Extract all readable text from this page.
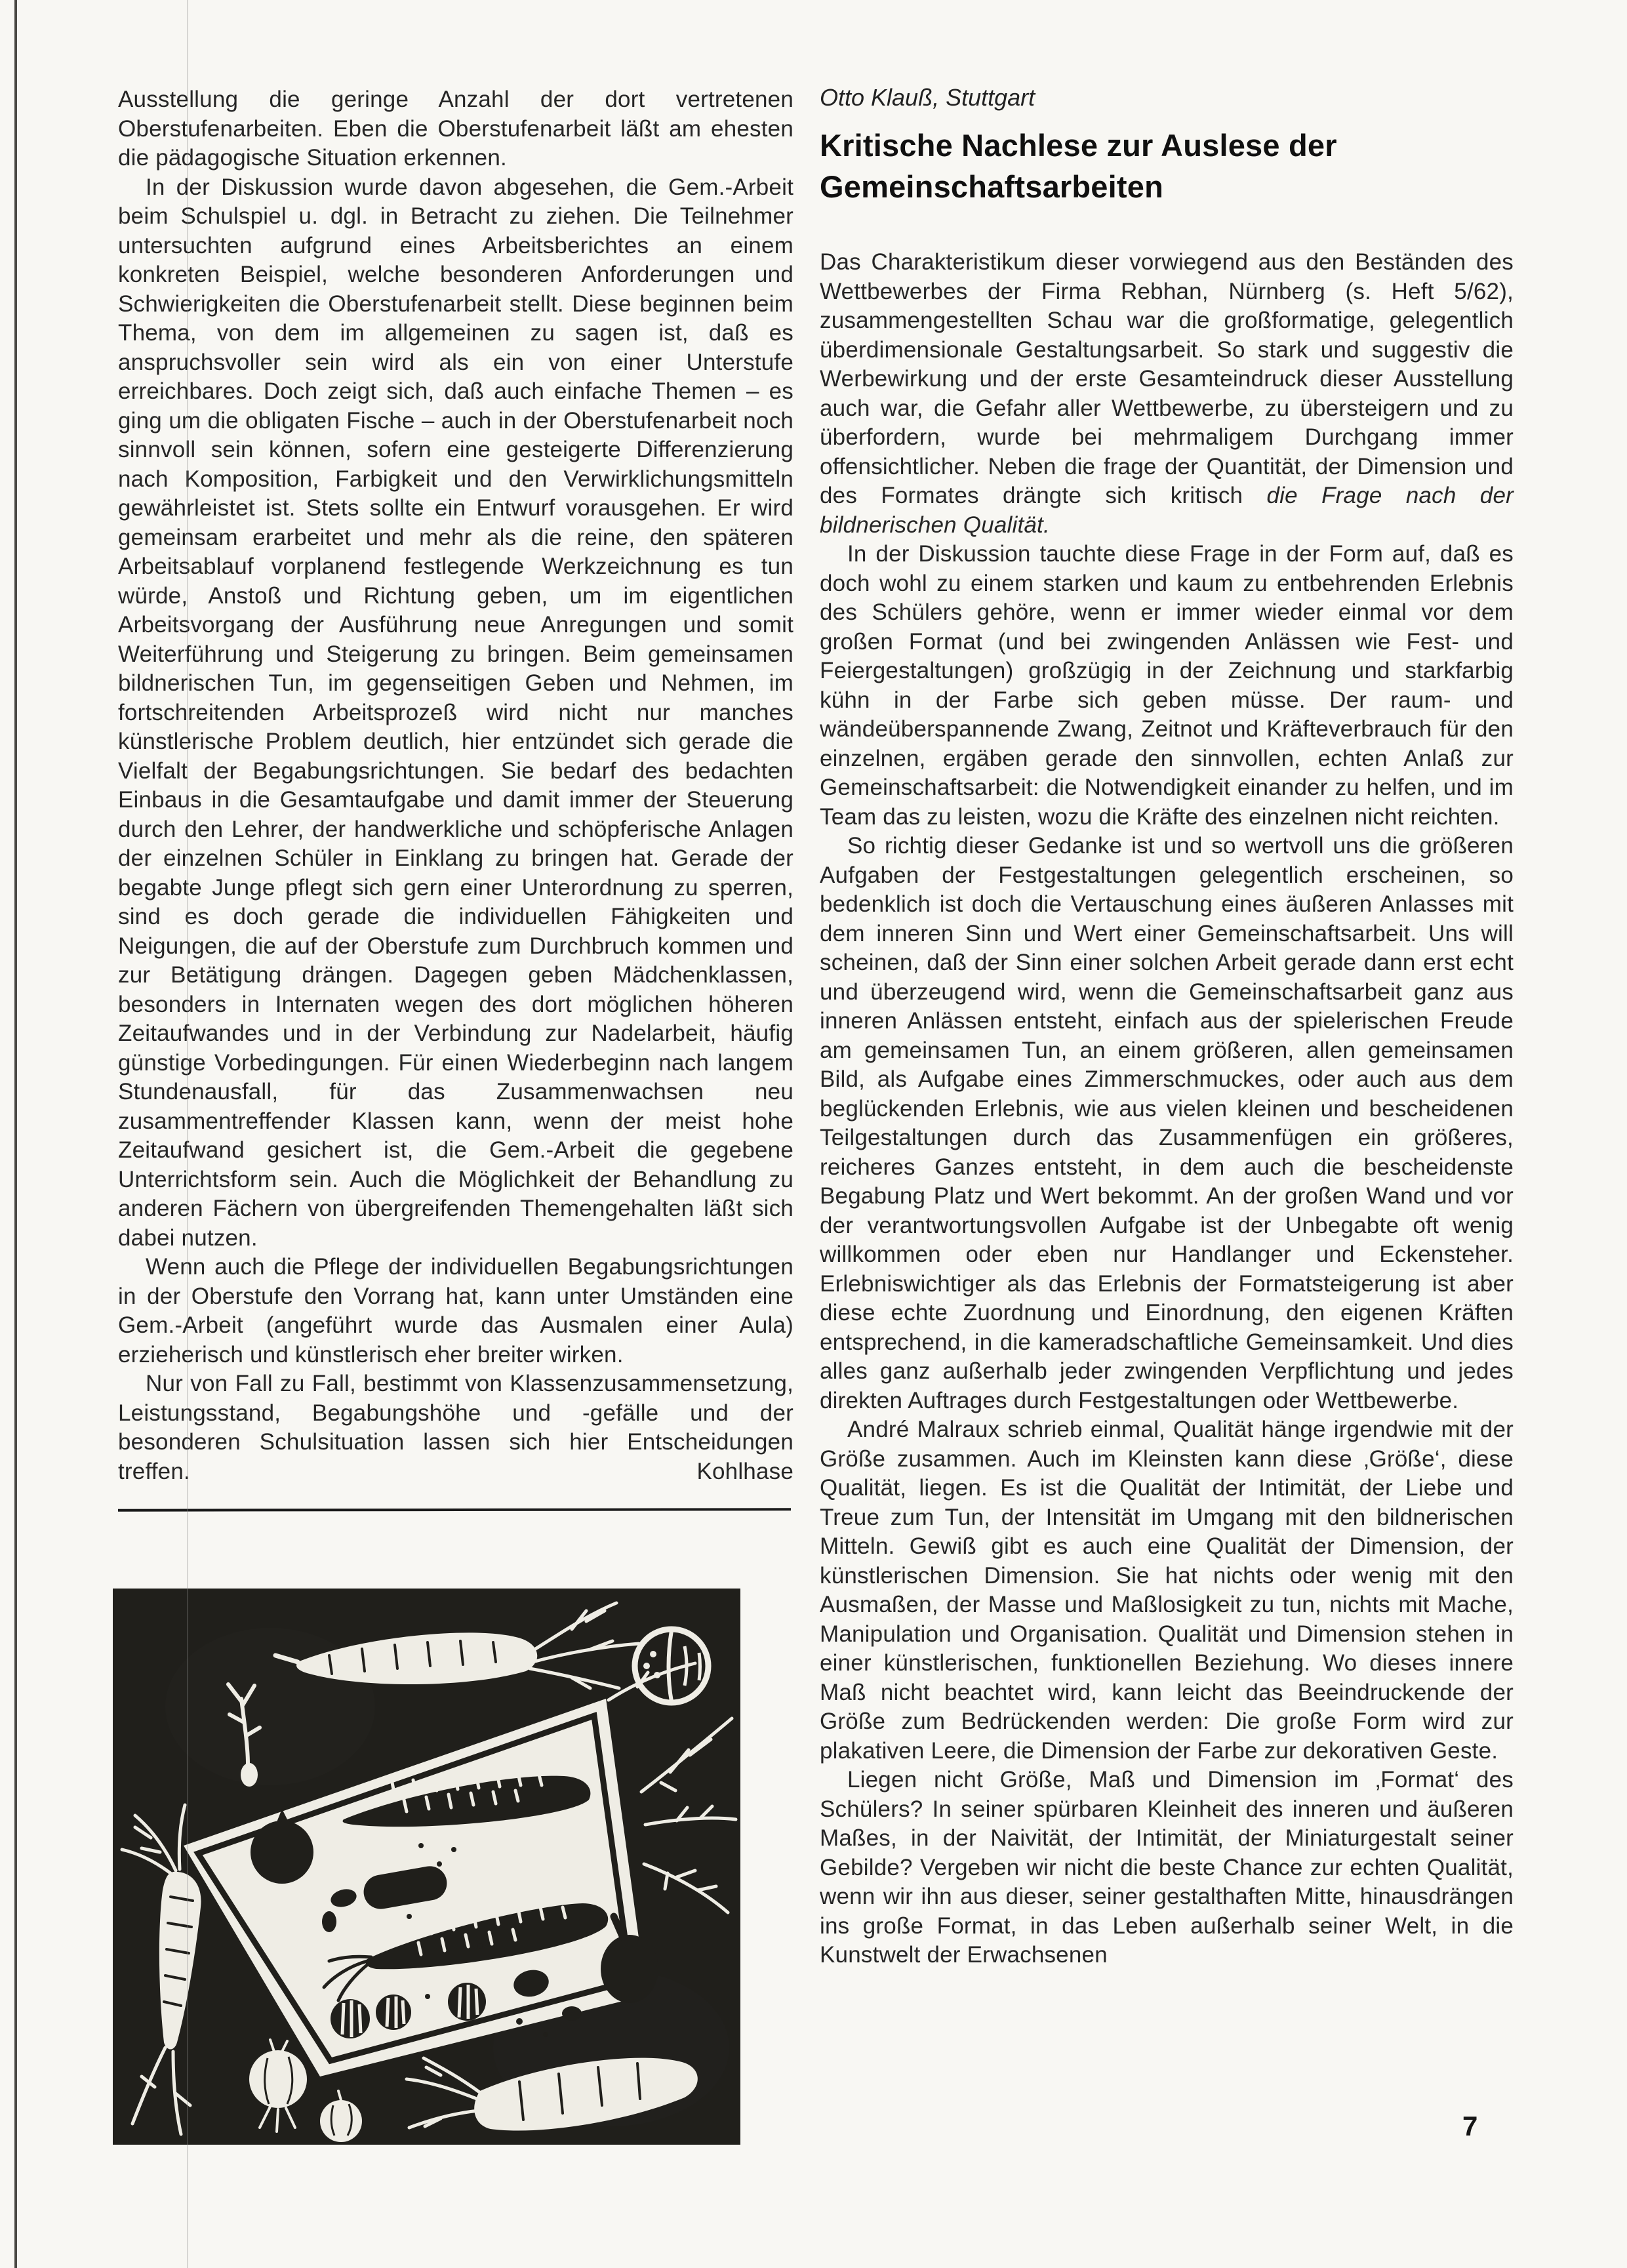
Ausstellung die geringe Anzahl der dort vertretenen Oberstufenarbeiten. Eben die Oberstufenarbeit läßt am ehesten die pädagogische Situation erkennen.

In der Diskussion wurde davon abgesehen, die Gem.-Arbeit beim Schulspiel u. dgl. in Betracht zu ziehen. Die Teilnehmer untersuchten aufgrund eines Arbeitsberichtes an einem konkreten Beispiel, welche besonderen Anforderungen und Schwierigkeiten die Oberstufenarbeit stellt. Diese beginnen beim Thema, von dem im allgemeinen zu sagen ist, daß es anspruchsvoller sein wird als ein von einer Unterstufe erreichbares. Doch zeigt sich, daß auch einfache Themen – es ging um die obligaten Fische – auch in der Oberstufenarbeit noch sinnvoll sein können, sofern eine gesteigerte Differenzierung nach Komposition, Farbigkeit und den Verwirklichungsmitteln gewährleistet ist. Stets sollte ein Entwurf vorausgehen. Er wird gemeinsam erarbeitet und mehr als die reine, den späteren Arbeitsablauf vorplanend festlegende Werkzeichnung es tun würde, Anstoß und Richtung geben, um im eigentlichen Arbeitsvorgang der Ausführung neue Anregungen und somit Weiterführung und Steigerung zu bringen. Beim gemeinsamen bildnerischen Tun, im gegenseitigen Geben und Nehmen, im fortschreitenden Arbeitsprozeß wird nicht nur manches künstlerische Problem deutlich, hier entzündet sich gerade die Vielfalt der Begabungsrichtungen. Sie bedarf des bedachten Einbaus in die Gesamtaufgabe und damit immer der Steuerung durch den Lehrer, der handwerkliche und schöpferische Anlagen der einzelnen Schüler in Einklang zu bringen hat. Gerade der begabte Junge pflegt sich gern einer Unterordnung zu sperren, sind es doch gerade die individuellen Fähigkeiten und Neigungen, die auf der Oberstufe zum Durchbruch kommen und zur Betätigung drängen. Dagegen geben Mädchenklassen, besonders in Internaten wegen des dort möglichen höheren Zeitaufwandes und in der Verbindung zur Nadelarbeit, häufig günstige Vorbedingungen. Für einen Wiederbeginn nach langem Stundenausfall, für das Zusammenwachsen neu zusammentreffender Klassen kann, wenn der meist hohe Zeitaufwand gesichert ist, die Gem.-Arbeit die gegebene Unterrichtsform sein. Auch die Möglichkeit der Behandlung zu anderen Fächern von übergreifenden Themengehalten läßt sich dabei nutzen.

Wenn auch die Pflege der individuellen Begabungsrichtungen in der Oberstufe den Vorrang hat, kann unter Umständen eine Gem.-Arbeit (angeführt wurde das Ausmalen einer Aula) erzieherisch und künstlerisch eher breiter wirken.

Nur von Fall zu Fall, bestimmt von Klassenzusammensetzung, Leistungsstand, Begabungshöhe und -gefälle und der besonderen Schulsituation lassen sich hier Entscheidungen treffen.	Kohlhase

Otto Klauß, Stuttgart
Kritische Nachlese zur Auslese der Gemeinschaftsarbeiten

Das Charakteristikum dieser vorwiegend aus den Beständen des Wettbewerbes der Firma Rebhan, Nürnberg (s. Heft 5/62), zusammengestellten Schau war die großformatige, gelegentlich überdimensionale Gestaltungsarbeit. So stark und suggestiv die Werbewirkung und der erste Gesamteindruck dieser Ausstellung auch war, die Gefahr aller Wettbewerbe, zu übersteigern und zu überfordern, wurde bei mehrmaligem Durchgang immer offensichtlicher. Neben die frage der Quantität, der Dimension und des Formates drängte sich kritisch die Frage nach der bildnerischen Qualität.

In der Diskussion tauchte diese Frage in der Form auf, daß es doch wohl zu einem starken und kaum zu entbehrenden Erlebnis des Schülers gehöre, wenn er immer wieder einmal vor dem großen Format (und bei zwingenden Anlässen wie Fest- und Feiergestaltungen) großzügig in der Zeichnung und starkfarbig kühn in der Farbe sich geben müsse. Der raum- und wändeüberspannende Zwang, Zeitnot und Kräfteverbrauch für den einzelnen, ergäben gerade den sinnvollen, echten Anlaß zur Gemeinschaftsarbeit: die Notwendigkeit einander zu helfen, und im Team das zu leisten, wozu die Kräfte des einzelnen nicht reichten.

So richtig dieser Gedanke ist und so wertvoll uns die größeren Aufgaben der Festgestaltungen gelegentlich erscheinen, so bedenklich ist doch die Vertauschung eines äußeren Anlasses mit dem inneren Sinn und Wert einer Gemeinschaftsarbeit. Uns will scheinen, daß der Sinn einer solchen Arbeit gerade dann erst echt und überzeugend wird, wenn die Gemeinschaftsarbeit ganz aus inneren Anlässen entsteht, einfach aus der spielerischen Freude am gemeinsamen Tun, an einem größeren, allen gemeinsamen Bild, als Aufgabe eines Zimmerschmuckes, oder auch aus dem beglückenden Erlebnis, wie aus vielen kleinen und bescheidenen Teilgestaltungen durch das Zusammenfügen ein größeres, reicheres Ganzes entsteht, in dem auch die bescheidenste Begabung Platz und Wert bekommt. An der großen Wand und vor der verantwortungsvollen Aufgabe ist der Unbegabte oft wenig willkommen oder eben nur Handlanger und Eckensteher. Erlebniswichtiger als das Erlebnis der Formatsteigerung ist aber diese echte Zuordnung und Einordnung, den eigenen Kräften entsprechend, in die kameradschaftliche Gemeinsamkeit. Und dies alles ganz außerhalb jeder zwingenden Verpflichtung und jedes direkten Auftrages durch Festgestaltungen oder Wettbewerbe.

André Malraux schrieb einmal, Qualität hänge irgendwie mit der Größe zusammen. Auch im Kleinsten kann diese ‚Größe‘, diese Qualität, liegen. Es ist die Qualität der Intimität, der Liebe und Treue zum Tun, der Intensität im Umgang mit den bildnerischen Mitteln. Gewiß gibt es auch eine Qualität der Dimension, der künstlerischen Dimension. Sie hat nichts oder wenig mit den Ausmaßen, der Masse und Maßlosigkeit zu tun, nichts mit Mache, Manipulation und Organisation. Qualität und Dimension stehen in einer künstlerischen, funktionellen Beziehung. Wo dieses innere Maß nicht beachtet wird, kann leicht das Beeindruckende der Größe zum Bedrückenden werden: Die große Form wird zur plakativen Leere, die Dimension der Farbe zur dekorativen Geste.

Liegen nicht Größe, Maß und Dimension im ‚Format‘ des Schülers? In seiner spürbaren Kleinheit des inneren und äußeren Maßes, in der Naivität, der Intimität, der Miniaturgestalt seiner Gebilde? Vergeben wir nicht die beste Chance zur echten Qualität, wenn wir ihn aus dieser, seiner gestalthaften Mitte, hinausdrängen ins große Format, in das Leben außerhalb seiner Welt, in die Kunstwelt der Erwachsenen

7
